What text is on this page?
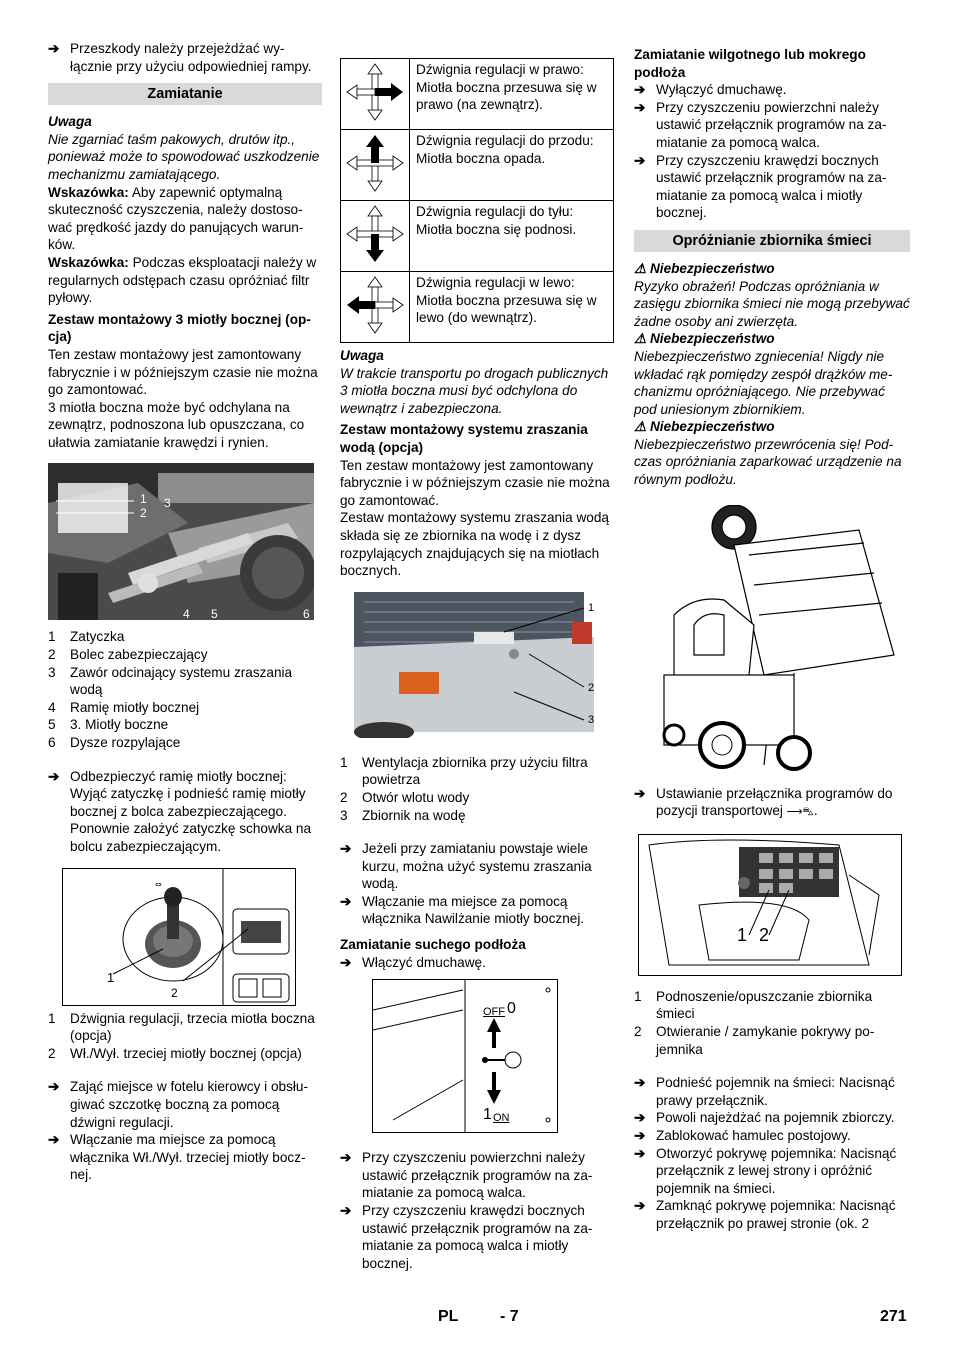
➔ Przeszkody należy przejeżdżać wyłącznie przy użyciu odpowiedniej rampy.

Zamiatanie

Uwaga

Nie zgarniać taśm pakowych, drutów itp., ponieważ może to spowodować uszkodzenie mechanizmu zamiatającego.

Wskazówka: Aby zapewnić optymalną skuteczność czyszczenia, należy dostosować prędkość jazdy do panujących warunków.

Wskazówka: Podczas eksploatacji należy w regularnych odstępach czasu opróżniać filtr pyłowy.

Zestaw montażowy 3 miotły bocznej (opcja)

Ten zestaw montażowy jest zamontowany fabrycznie i w późniejszym czasie nie można go zamontować.

3 miotła boczna może być odchylana na zewnątrz, podnoszona lub opuszczana, co ułatwia zamiatanie krawędzi i rynien.

1
2
3
4 5	6
1 Zatyczka

2 Bolec zabezpieczający

3 Zawór odcinający systemu zraszania wodą

4 Ramię miotły bocznej

5 3. Miotły boczne

6 Dysze rozpylające

➔ Odbezpieczyć ramię miotły bocznej: Wyjąć zatyczkę i podnieść ramię miotły bocznej z bolca zabezpieczającego. Ponownie założyć zatyczkę schowka na bolcu zabezpieczającym.

⇔
1
2
1 Dźwignia regulacji, trzecia miotła boczna (opcja)

2 Wł./Wył. trzeciej miotły bocznej (opcja)

➔ Zająć miejsce w fotelu kierowcy i obsługiwać szczotkę boczną za pomocą dźwigni regulacji.

➔ Włączanie ma miejsce za pomocą włącznika Wł./Wył. trzeciej miotły bocznej.

	Dźwignia regulacji w prawo: Miotła boczna przesuwa się w prawo (na zewnątrz).
	Dźwignia regulacji do przodu: Miotła boczna opada.
	Dźwignia regulacji do tyłu: Miotła boczna się podnosi.
	Dźwignia regulacji w lewo: Miotła boczna przesuwa się w lewo (do wewnątrz).

Uwaga

W trakcie transportu po drogach publicznych 3 miotła boczna musi być odchylona do wewnątrz i zabezpieczona.

Zestaw montażowy systemu zraszania wodą (opcja)

Ten zestaw montażowy jest zamontowany fabrycznie i w późniejszym czasie nie można go zamontować.

Zestaw montażowy systemu zraszania wodą składa się ze zbiornika na wodę i z dysz rozpylających znajdujących się na miotłach bocznych.

1
2
3
1 Wentylacja zbiornika przy użyciu filtra powietrza

2 Otwór wlotu wody

3 Zbiornik na wodę

➔ Jeżeli przy zamiataniu powstaje wiele kurzu, można użyć systemu zraszania wodą.

➔ Włączanie ma miejsce za pomocą włącznika Nawilżanie miotły bocznej.

Zamiatanie suchego podłoża

➔ Włączyć dmuchawę.

OFF 0
1 ON
➔ Przy czyszczeniu powierzchni należy ustawić przełącznik programów na zamiatanie za pomocą walca.

➔ Przy czyszczeniu krawędzi bocznych ustawić przełącznik programów na zamiatanie za pomocą walca i miotły bocznej.

Zamiatanie wilgotnego lub mokrego podłoża

➔ Wyłączyć dmuchawę.

➔ Przy czyszczeniu powierzchni należy ustawić przełącznik programów na zamiatanie za pomocą walca.

➔ Przy czyszczeniu krawędzi bocznych ustawić przełącznik programów na zamiatanie za pomocą walca i miotły bocznej.

Opróżnianie zbiornika śmieci

⚠ Niebezpieczeństwo

Ryzyko obrażeń! Podczas opróżniania w zasięgu zbiornika śmieci nie mogą przebywać żadne osoby ani zwierzęta.

⚠ Niebezpieczeństwo

Niebezpieczeństwo zgniecenia! Nigdy nie wkładać rąk pomiędzy zespół drążków mechanizmu opróżniającego. Nie przebywać pod uniesionym zbiornikiem.

⚠ Niebezpieczeństwo

Niebezpieczeństwo przewrócenia się! Podczas opróżniania zaparkować urządzenie na równym podłożu.

➔ Ustawianie przełącznika programów do pozycji transportowej ⟶⛍.

1 2
1 Podnoszenie/opuszczanie zbiornika śmieci

2 Otwieranie / zamykanie pokrywy pojemnika

➔ Podnieść pojemnik na śmieci: Nacisnąć prawy przełącznik.

➔ Powoli najeżdżać na pojemnik zbiorczy.

➔ Zablokować hamulec postojowy.

➔ Otworzyć pokrywę pojemnika: Nacisnąć przełącznik z lewej strony i opróżnić pojemnik na śmieci.

➔ Zamknąć pokrywę pojemnika: Nacisnąć przełącznik po prawej stronie (ok. 2

PL	- 7	271
